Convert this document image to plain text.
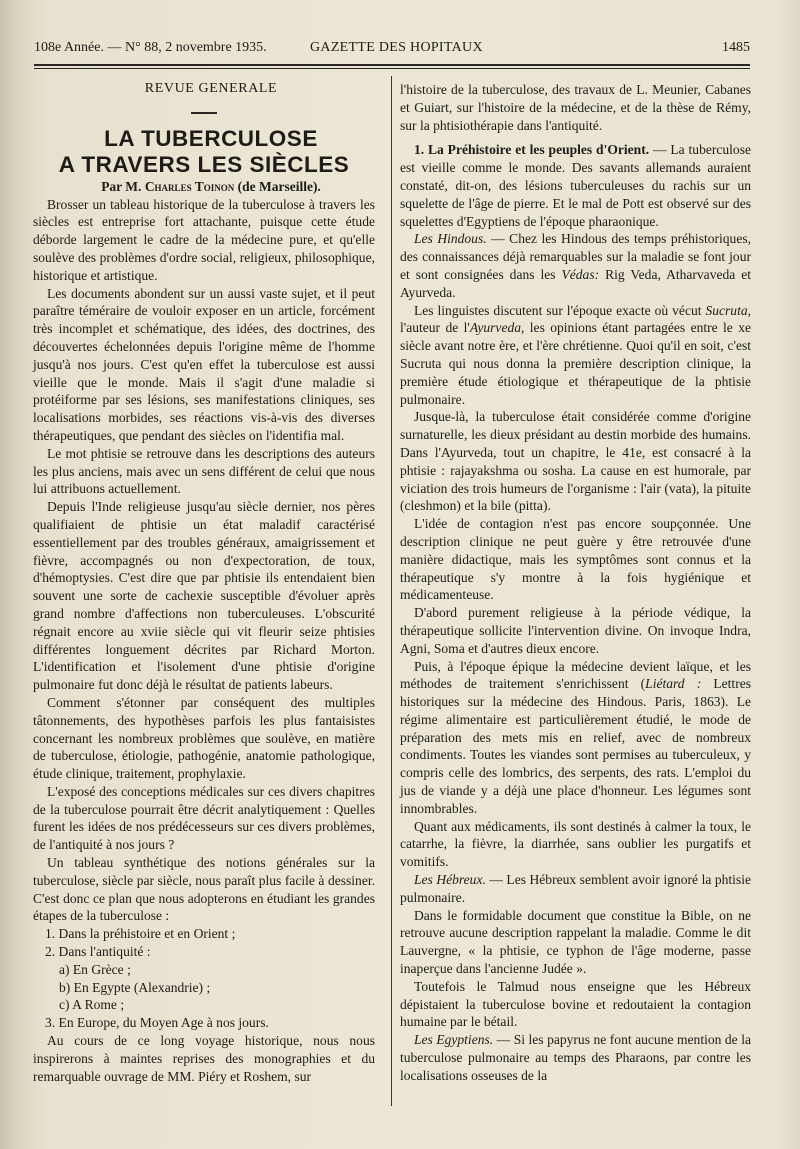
108e Année. — N° 88, 2 novembre 1935.	GAZETTE DES HOPITAUX	1485

REVUE GENERALE

LA TUBERCULOSE
A TRAVERS LES SIÈCLES

Par M. Charles Toinon (de Marseille).

Brosser un tableau historique de la tuberculose à travers les siècles est entreprise fort attachante, puisque cette étude déborde largement le cadre de la médecine pure, et qu'elle soulève des problèmes d'ordre social, religieux, philosophique, historique et artistique.

Les documents abondent sur un aussi vaste sujet, et il peut paraître téméraire de vouloir exposer en un article, forcément très incomplet et schématique, des idées, des doctrines, des découvertes échelonnées depuis l'origine même de l'homme jusqu'à nos jours. C'est qu'en effet la tuberculose est aussi vieille que le monde. Mais il s'agit d'une maladie si protéiforme par ses lésions, ses manifestations cliniques, ses localisations morbides, ses réactions vis-à-vis des diverses thérapeutiques, que pendant des siècles on l'identifia mal.

Le mot phtisie se retrouve dans les descriptions des auteurs les plus anciens, mais avec un sens différent de celui que nous lui attribuons actuellement.

Depuis l'Inde religieuse jusqu'au siècle dernier, nos pères qualifiaient de phtisie un état maladif caractérisé essentiellement par des troubles généraux, amaigrissement et fièvre, accompagnés ou non d'expectoration, de toux, d'hémoptysies. C'est dire que par phtisie ils entendaient bien souvent une sorte de cachexie susceptible d'évoluer après grand nombre d'affections non tuberculeuses. L'obscurité régnait encore au xviie siècle qui vit fleurir seize phtisies différentes longuement décrites par Richard Morton. L'identification et l'isolement d'une phtisie d'origine pulmonaire fut donc déjà le résultat de patients labeurs.

Comment s'étonner par conséquent des multiples tâtonnements, des hypothèses parfois les plus fantaisistes concernant les nombreux problèmes que soulève, en matière de tuberculose, étiologie, pathogénie, anatomie pathologique, étude clinique, traitement, prophylaxie.

L'exposé des conceptions médicales sur ces divers chapitres de la tuberculose pourrait être décrit analytiquement : Quelles furent les idées de nos prédécesseurs sur ces divers problèmes, de l'antiquité à nos jours ?

Un tableau synthétique des notions générales sur la tuberculose, siècle par siècle, nous paraît plus facile à dessiner. C'est donc ce plan que nous adopterons en étudiant les grandes étapes de la tuberculose :

1. Dans la préhistoire et en Orient ;
2. Dans l'antiquité :
a) En Grèce ;
b) En Egypte (Alexandrie) ;
c) A Rome ;
3. En Europe, du Moyen Age à nos jours.

Au cours de ce long voyage historique, nous nous inspirerons à maintes reprises des monographies et du remarquable ouvrage de MM. Piéry et Roshem, sur

l'histoire de la tuberculose, des travaux de L. Meunier, Cabanes et Guiart, sur l'histoire de la médecine, et de la thèse de Rémy, sur la phtisiothérapie dans l'antiquité.

1. La Préhistoire et les peuples d'Orient. — La tuberculose est vieille comme le monde. Des savants allemands auraient constaté, dit-on, des lésions tuberculeuses du rachis sur un squelette de l'âge de pierre. Et le mal de Pott est observé sur des squelettes d'Egyptiens de l'époque pharaonique.

Les Hindous. — Chez les Hindous des temps préhistoriques, des connaissances déjà remarquables sur la maladie se font jour et sont consignées dans les Védas: Rig Veda, Atharvaveda et Ayurveda.

Les linguistes discutent sur l'époque exacte où vécut Sucruta, l'auteur de l'Ayurveda, les opinions étant partagées entre le xe siècle avant notre ère, et l'ère chrétienne. Quoi qu'il en soit, c'est Sucruta qui nous donna la première description clinique, la première étude étiologique et thérapeutique de la phtisie pulmonaire.

Jusque-là, la tuberculose était considérée comme d'origine surnaturelle, les dieux présidant au destin morbide des humains. Dans l'Ayurveda, tout un chapitre, le 41e, est consacré à la phtisie : rajayakshma ou sosha. La cause en est humorale, par viciation des trois humeurs de l'organisme : l'air (vata), la pituite (cleshmon) et la bile (pitta).

L'idée de contagion n'est pas encore soupçonnée. Une description clinique ne peut guère y être retrouvée d'une manière didactique, mais les symptômes sont connus et la thérapeutique s'y montre à la fois hygiénique et médicamenteuse.

D'abord purement religieuse à la période védique, la thérapeutique sollicite l'intervention divine. On invoque Indra, Agni, Soma et d'autres dieux encore.

Puis, à l'époque épique la médecine devient laïque, et les méthodes de traitement s'enrichissent (Liétard : Lettres historiques sur la médecine des Hindous. Paris, 1863). Le régime alimentaire est particulièrement étudié, le mode de préparation des mets mis en relief, avec de nombreux condiments. Toutes les viandes sont permises au tuberculeux, y compris celle des lombrics, des serpents, des rats. L'emploi du jus de viande y a déjà une place d'honneur. Les légumes sont innombrables.

Quant aux médicaments, ils sont destinés à calmer la toux, le catarrhe, la fièvre, la diarrhée, sans oublier les purgatifs et vomitifs.

Les Hébreux. — Les Hébreux semblent avoir ignoré la phtisie pulmonaire.

Dans le formidable document que constitue la Bible, on ne retrouve aucune description rappelant la maladie. Comme le dit Lauvergne, « la phtisie, ce typhon de l'âge moderne, passe inaperçue dans l'ancienne Judée ».

Toutefois le Talmud nous enseigne que les Hébreux dépistaient la tuberculose bovine et redoutaient la contagion humaine par le bétail.

Les Egyptiens. — Si les papyrus ne font aucune mention de la tuberculose pulmonaire au temps des Pharaons, par contre les localisations osseuses de la
